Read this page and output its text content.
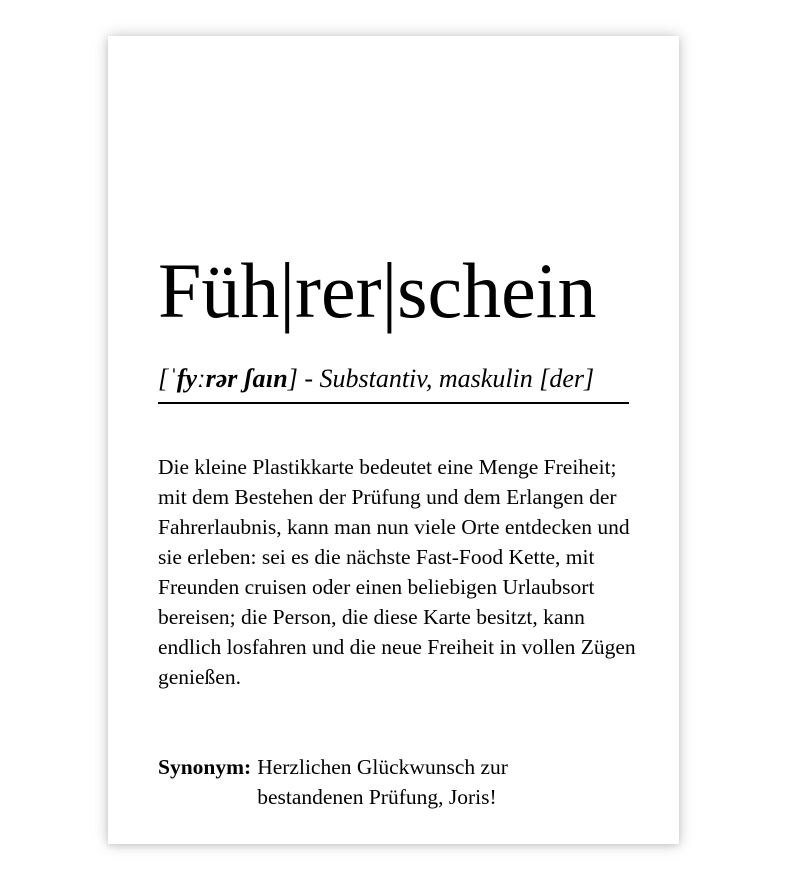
Füh|rer|schein
[ˈfyːrər ʃaɪn] - Substantiv, maskulin [der]

Die kleine Plastikkarte bedeutet eine Menge Freiheit; mit dem Bestehen der Prüfung und dem Erlangen der Fahrerlaubnis, kann man nun viele Orte entdecken und sie erleben: sei es die nächste Fast-Food Kette, mit Freunden cruisen oder einen beliebigen Urlaubsort bereisen; die Person, die diese Karte besitzt, kann endlich losfahren und die neue Freiheit in vollen Zügen genießen.

Synonym: Herzlichen Glückwunsch zur
bestandenen Prüfung, Joris!
